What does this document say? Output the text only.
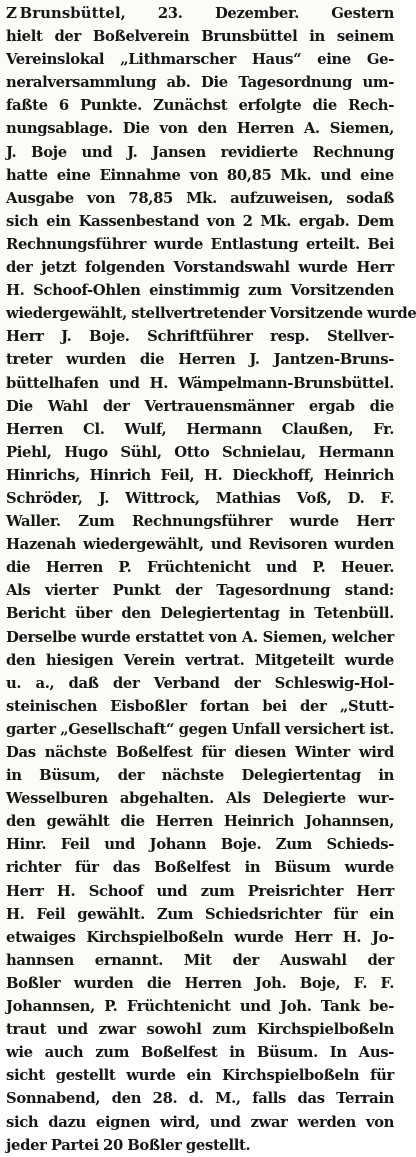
Z Brunsbüttel, 23. Dezember. Gestern
hielt der Boßelverein Brunsbüttel in seinem
Vereinslokal „Lithmarscher Haus“ eine Ge-
neralversammlung ab. Die Tagesordnung um-
faßte 6 Punkte. Zunächst erfolgte die Rech-
nungsablage. Die von den Herren A. Siemen,
J. Boje und J. Jansen revidierte Rechnung
hatte eine Einnahme von 80,85 Mk. und eine
Ausgabe von 78,85 Mk. aufzuweisen, sodaß
sich ein Kassenbestand von 2 Mk. ergab. Dem
Rechnungsführer wurde Entlastung erteilt. Bei
der jetzt folgenden Vorstandswahl wurde Herr
H. Schoof-Ohlen einstimmig zum Vorsitzenden
wiedergewählt, stellvertretender Vorsitzende wurde
Herr J. Boje. Schriftführer resp. Stellver-
treter wurden die Herren J. Jantzen-Bruns-
büttelhafen und H. Wämpelmann-Brunsbüttel.
Die Wahl der Vertrauensmänner ergab die
Herren Cl. Wulf, Hermann Claußen, Fr.
Piehl, Hugo Sühl, Otto Schnielau, Hermann
Hinrichs, Hinrich Feil, H. Dieckhoff, Heinrich
Schröder, J. Wittrock, Mathias Voß, D. F.
Waller. Zum Rechnungsführer wurde Herr
Hazenah wiedergewählt, und Revisoren wurden
die Herren P. Früchtenicht und P. Heuer.
Als vierter Punkt der Tagesordnung stand:
Bericht über den Delegiertentag in Tetenbüll.
Derselbe wurde erstattet von A. Siemen, welcher
den hiesigen Verein vertrat. Mitgeteilt wurde
u. a., daß der Verband der Schleswig-Hol-
steinischen Eisboßler fortan bei der „Stutt-
garter „Gesellschaft“ gegen Unfall versichert ist.
Das nächste Boßelfest für diesen Winter wird
in Büsum, der nächste Delegiertentag in
Wesselburen abgehalten. Als Delegierte wur-
den gewählt die Herren Heinrich Johannsen,
Hinr. Feil und Johann Boje. Zum Schieds-
richter für das Boßelfest in Büsum wurde
Herr H. Schoof und zum Preisrichter Herr
H. Feil gewählt. Zum Schiedsrichter für ein
etwaiges Kirchspielboßeln wurde Herr H. Jo-
hannsen ernannt. Mit der Auswahl der
Boßler wurden die Herren Joh. Boje, F. F.
Johannsen, P. Früchtenicht und Joh. Tank be-
traut und zwar sowohl zum Kirchspielboßeln
wie auch zum Boßelfest in Büsum. In Aus-
sicht gestellt wurde ein Kirchspielboßeln für
Sonnabend, den 28. d. M., falls das Terrain
sich dazu eignen wird, und zwar werden von
jeder Partei 20 Boßler gestellt.
